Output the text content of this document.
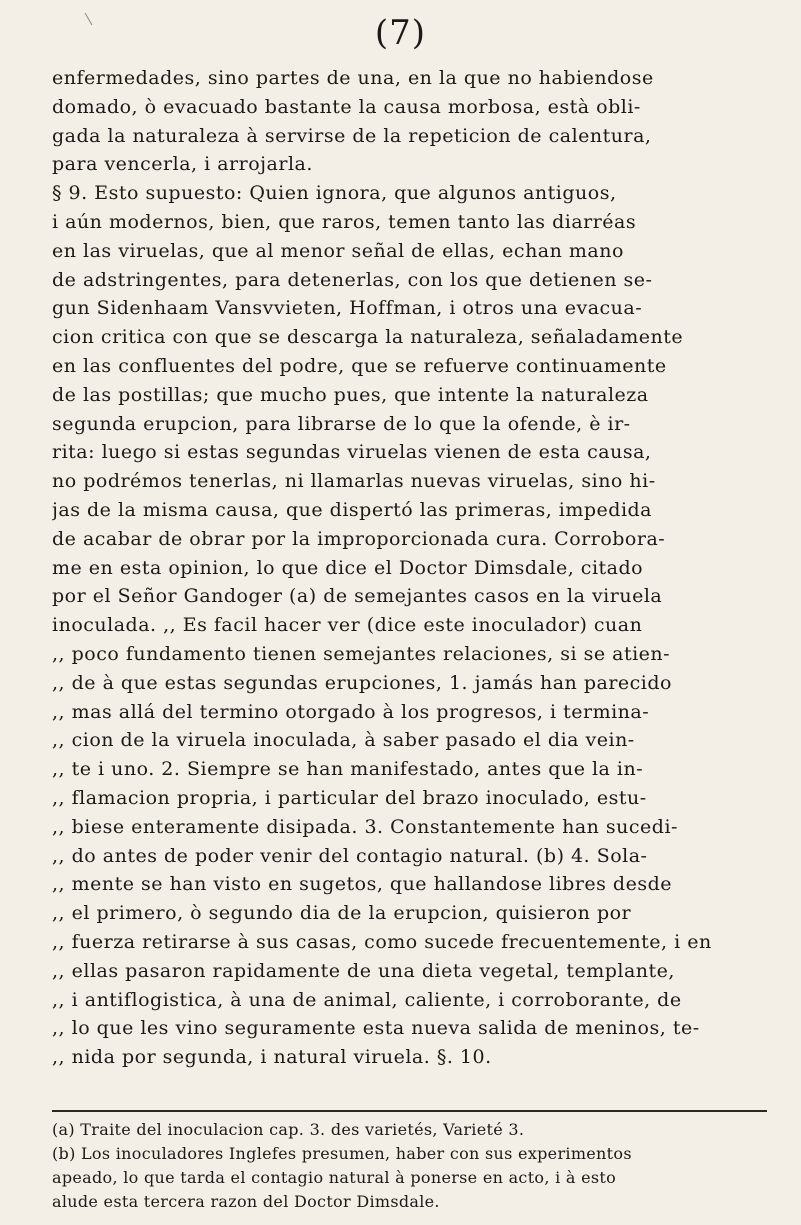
(7)
enfermedades, sino partes de una, en la que no habiendose
domado, ò evacuado bastante la causa morbosa, està obli-
gada la naturaleza à servirse de la repeticion de calentura,
para vencerla, i arrojarla.
§ 9. Esto supuesto: Quien ignora, que algunos antiguos,
i aún modernos, bien, que raros, temen tanto las diarréas
en las viruelas, que al menor señal de ellas, echan mano
de adstringentes, para detenerlas, con los que detienen se-
gun Sidenhaam Vansvvieten, Hoffman, i otros una evacua-
cion critica con que se descarga la naturaleza, señaladamente
en las confluentes del podre, que se refuerve continuamente
de las postillas; que mucho pues, que intente la naturaleza
segunda erupcion, para librarse de lo que la ofende, è ir-
rita: luego si estas segundas viruelas vienen de esta causa,
no podrémos tenerlas, ni llamarlas nuevas viruelas, sino hi-
jas de la misma causa, que dispertó las primeras, impedida
de acabar de obrar por la improporcionada cura. Corrobora-
me en esta opinion, lo que dice el Doctor Dimsdale, citado
por el Señor Gandoger (a) de semejantes casos en la viruela
inoculada. ,, Es facil hacer ver (dice este inoculador) cuan
,, poco fundamento tienen semejantes relaciones, si se atien-
,, de à que estas segundas erupciones, 1. jamás han parecido
,, mas allá del termino otorgado à los progresos, i termina-
,, cion de la viruela inoculada, à saber pasado el dia vein-
,, te i uno. 2. Siempre se han manifestado, antes que la in-
,, flamacion propria, i particular del brazo inoculado, estu-
,, biese enteramente disipada. 3. Constantemente han sucedi-
,, do antes de poder venir del contagio natural. (b) 4. Sola-
,, mente se han visto en sugetos, que hallandose libres desde
,, el primero, ò segundo dia de la erupcion, quisieron por
,, fuerza retirarse à sus casas, como sucede frecuentemente, i en
,, ellas pasaron rapidamente de una dieta vegetal, templante,
,, i antiflogistica, à una de animal, caliente, i corroborante, de
,, lo que les vino seguramente esta nueva salida de meninos, te-
,, nida por segunda, i natural viruela. §. 10.
(a) Traite del inoculacion cap. 3. des varietés, Varieté 3.
(b) Los inoculadores Inglefes presumen, haber con sus experimentos
apeado, lo que tarda el contagio natural à ponerse en acto, i à esto
alude esta tercera razon del Doctor Dimsdale.
